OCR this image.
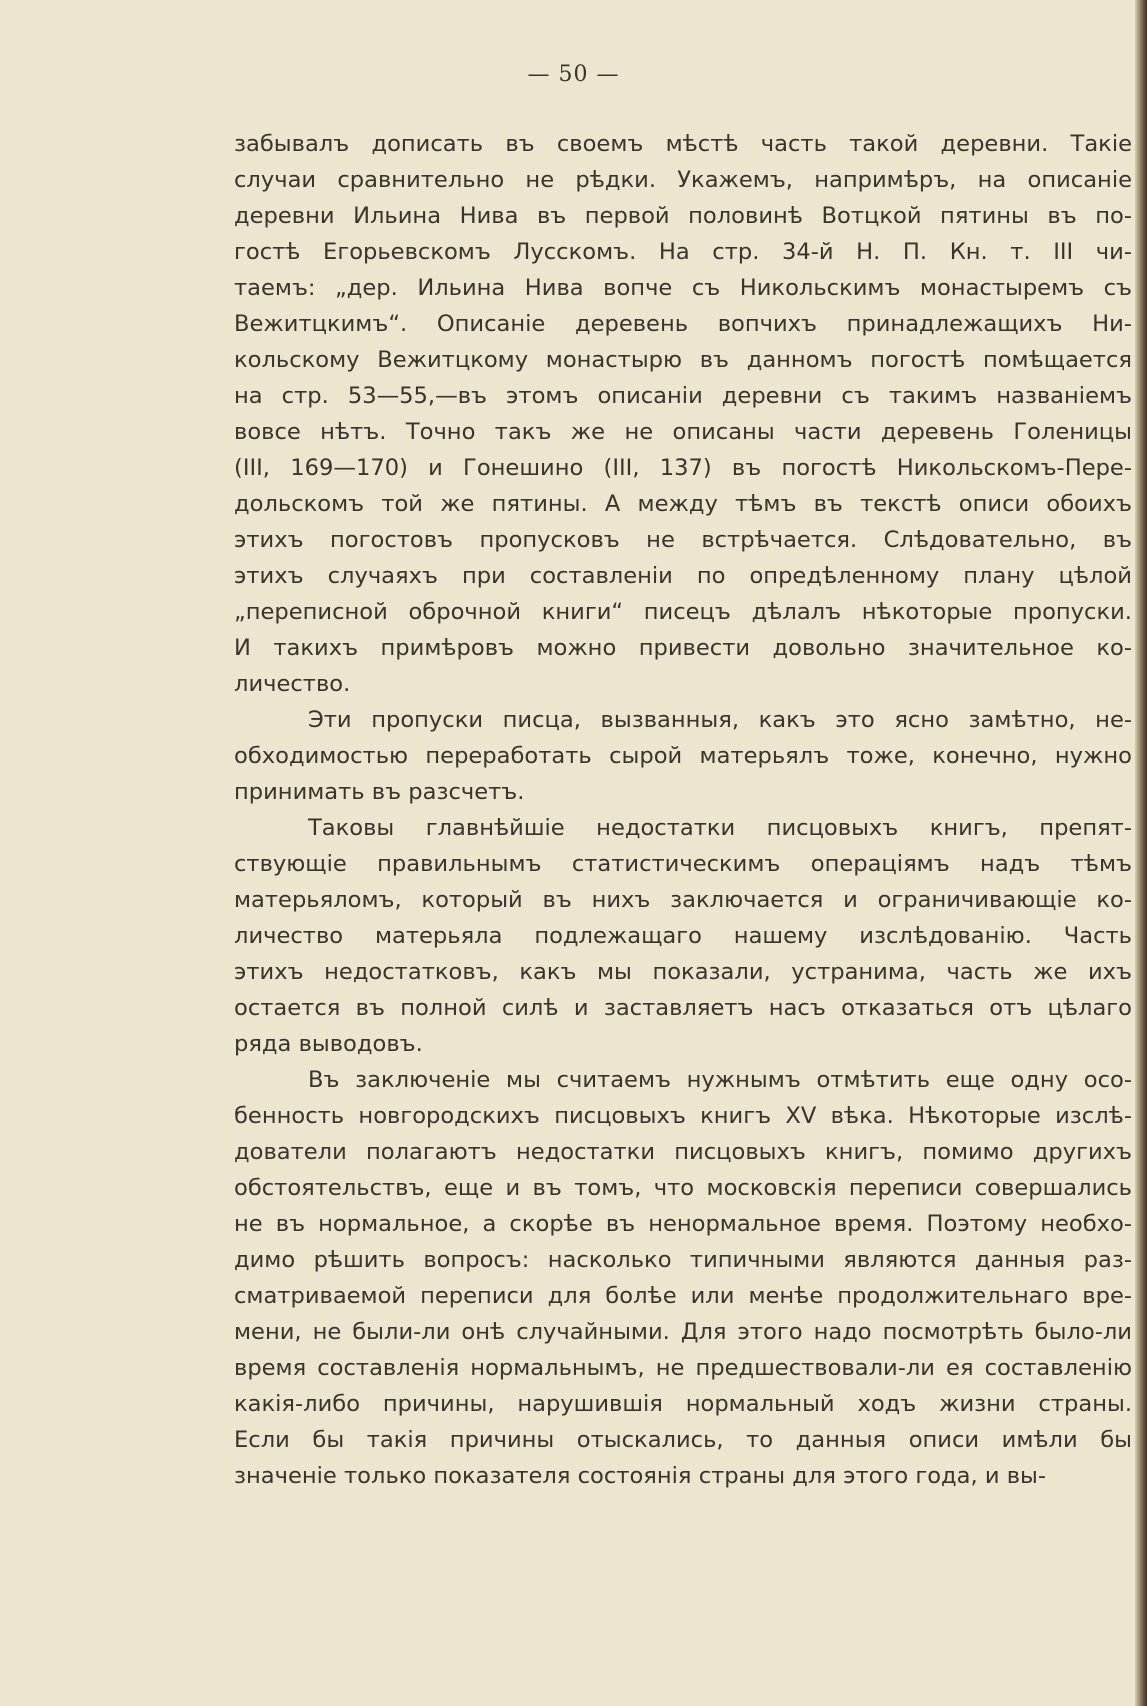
— 50 —
забывалъ дописать въ своемъ мѣстѣ часть такой деревни. Такіе
случаи сравнительно не рѣдки. Укажемъ, напримѣръ, на описаніе
деревни Ильина Нива въ первой половинѣ Вотцкой пятины въ по-
гостѣ Егорьевскомъ Лусскомъ. На стр. 34-й Н. П. Кн. т. III чи-
таемъ: „дер. Ильина Нива вопче съ Никольскимъ монастыремъ съ
Вежитцкимъ“. Описаніе деревень вопчихъ принадлежащихъ Ни-
кольскому Вежитцкому монастырю въ данномъ погостѣ помѣщается
на стр. 53—55,—въ этомъ описаніи деревни съ такимъ названіемъ
вовсе нѣтъ. Точно такъ же не описаны части деревень Голеницы
(III, 169—170) и Гонешино (III, 137) въ погостѣ Никольскомъ-Пере-
дольскомъ той же пятины. А между тѣмъ въ текстѣ описи обоихъ
этихъ погостовъ пропусковъ не встрѣчается. Слѣдовательно, въ
этихъ случаяхъ при составленіи по опредѣленному плану цѣлой
„переписной оброчной книги“ писецъ дѣлалъ нѣкоторые пропуски.
И такихъ примѣровъ можно привести довольно значительное ко-
личество.
Эти пропуски писца, вызванныя, какъ это ясно замѣтно, не-
обходимостью переработать сырой матерьялъ тоже, конечно, нужно
принимать въ разсчетъ.
Таковы главнѣйшіе недостатки писцовыхъ книгъ, препят-
ствующіе правильнымъ статистическимъ операціямъ надъ тѣмъ
матерьяломъ, который въ нихъ заключается и ограничивающіе ко-
личество матерьяла подлежащаго нашему изслѣдованію. Часть
этихъ недостатковъ, какъ мы показали, устранима, часть же ихъ
остается въ полной силѣ и заставляетъ насъ отказаться отъ цѣлаго
ряда выводовъ.
Въ заключеніе мы считаемъ нужнымъ отмѣтить еще одну осо-
бенность новгородскихъ писцовыхъ книгъ XV вѣка. Нѣкоторые изслѣ-
дователи полагаютъ недостатки писцовыхъ книгъ, помимо другихъ
обстоятельствъ, еще и въ томъ, что московскія переписи совершались
не въ нормальное, а скорѣе въ ненормальное время. Поэтому необхо-
димо рѣшить вопросъ: насколько типичными являются данныя раз-
сматриваемой переписи для болѣе или менѣе продолжительнаго вре-
мени, не были-ли онѣ случайными. Для этого надо посмотрѣть было-ли
время составленія нормальнымъ, не предшествовали-ли ея составленію
какія-либо причины, нарушившія нормальный ходъ жизни страны.
Если бы такія причины отыскались, то данныя описи имѣли бы
значеніе только показателя состоянія страны для этого года, и вы-
